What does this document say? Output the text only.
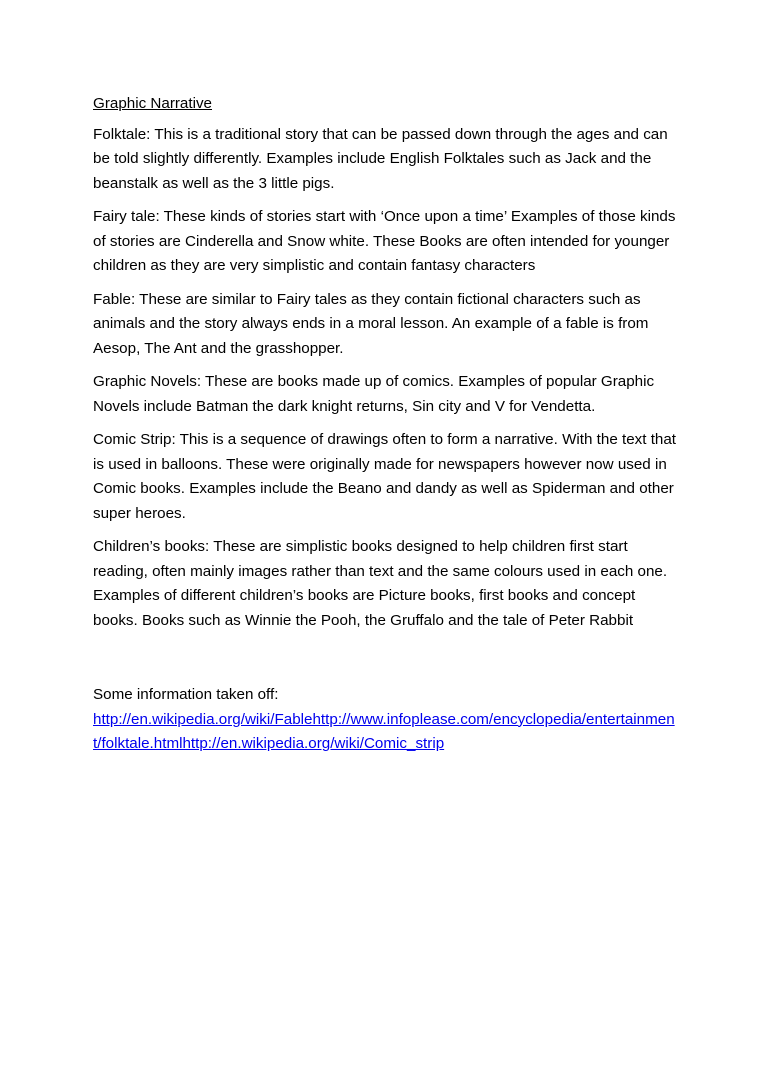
Graphic Narrative

Folktale: This is a traditional story that can be passed down through the ages and can be told slightly differently. Examples include English Folktales such as Jack and the beanstalk as well as the 3 little pigs.

Fairy tale: These kinds of stories start with ‘Once upon a time’ Examples of those kinds of stories are Cinderella and Snow white. These Books are often intended for younger children as they are very simplistic and contain fantasy characters

Fable: These are similar to Fairy tales as they contain fictional characters such as animals and the story always ends in a moral lesson. An example of a fable is from Aesop, The Ant and the grasshopper.

Graphic Novels: These are books made up of comics. Examples of popular Graphic Novels include Batman the dark knight returns, Sin city and V for Vendetta.

Comic Strip: This is a sequence of drawings often to form a narrative. With the text that is used in balloons. These were originally made for newspapers however now used in Comic books. Examples include the Beano and dandy as well as Spiderman and other super heroes.

Children’s books: These are simplistic books designed to help children first start reading, often mainly images rather than text and the same colours used in each one. Examples of different children’s books are Picture books, first books and concept books. Books such as Winnie the Pooh, the Gruffalo and the tale of Peter Rabbit

Some information taken off:

http://en.wikipedia.org/wiki/Fablehttp://www.infoplease.com/encyclopedia/entertainment/folktale.htmlhttp://en.wikipedia.org/wiki/Comic_strip
